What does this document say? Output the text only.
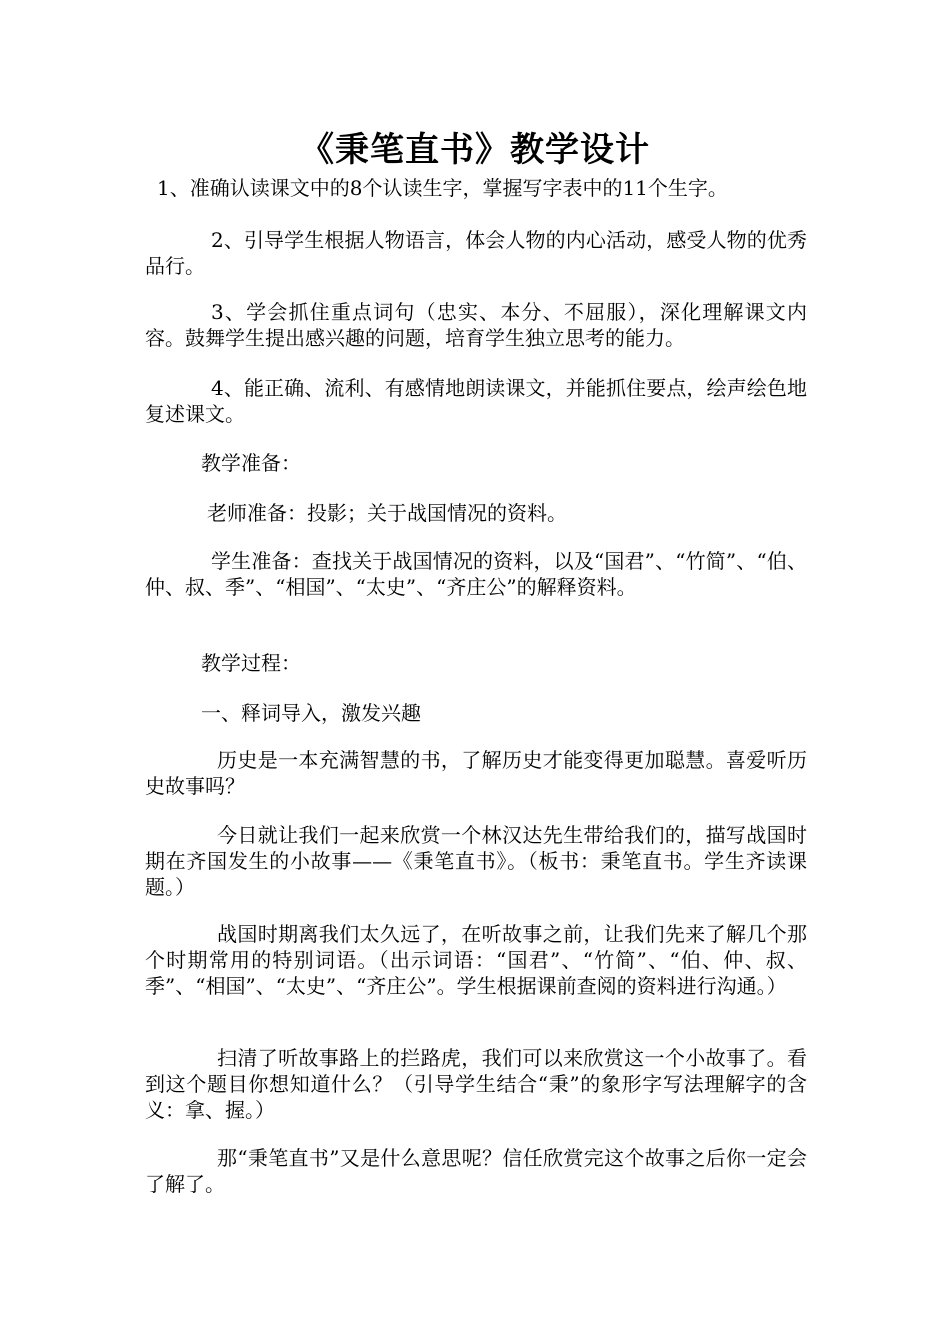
《秉笔直书》教学设计
1、准确认读课文中的8个认读生字，掌握写字表中的11个生字。
2、引导学生根据人物语言，体会人物的内心活动，感受人物的优秀品行。
3、学会抓住重点词句（忠实、本分、不屈服），深化理解课文内容。鼓舞学生提出感兴趣的问题，培育学生独立思考的能力。
4、能正确、流利、有感情地朗读课文，并能抓住要点，绘声绘色地复述课文。
教学准备：
老师准备：投影；关于战国情况的资料。
学生准备：查找关于战国情况的资料，以及“国君”、“竹简”、“伯、仲、叔、季”、“相国”、“太史”、“齐庄公”的解释资料。
教学过程：
一、释词导入，激发兴趣
历史是一本充满智慧的书，了解历史才能变得更加聪慧。喜爱听历史故事吗？
今日就让我们一起来欣赏一个林汉达先生带给我们的，描写战国时期在齐国发生的小故事——《秉笔直书》。（板书：秉笔直书。学生齐读课题。）
战国时期离我们太久远了，在听故事之前，让我们先来了解几个那个时期常用的特别词语。（出示词语：“国君”、“竹简”、“伯、仲、叔、季”、“相国”、“太史”、“齐庄公”。学生根据课前查阅的资料进行沟通。）
扫清了听故事路上的拦路虎，我们可以来欣赏这一个小故事了。看到这个题目你想知道什么？（引导学生结合“秉”的象形字写法理解字的含义：拿、握。）
那“秉笔直书”又是什么意思呢？信任欣赏完这个故事之后你一定会了解了。
